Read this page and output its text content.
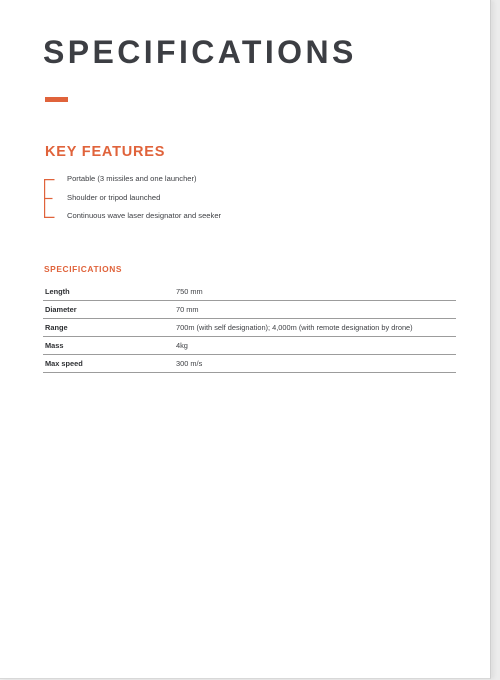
SPECIFICATIONS
KEY FEATURES
Portable (3 missiles and one launcher)
Shoulder or tripod launched
Continuous wave laser designator and seeker
SPECIFICATIONS
Length	750 mm
Diameter	70 mm
Range	700m (with self designation); 4,000m (with remote designation by drone)
Mass	4kg
Max speed	300 m/s
